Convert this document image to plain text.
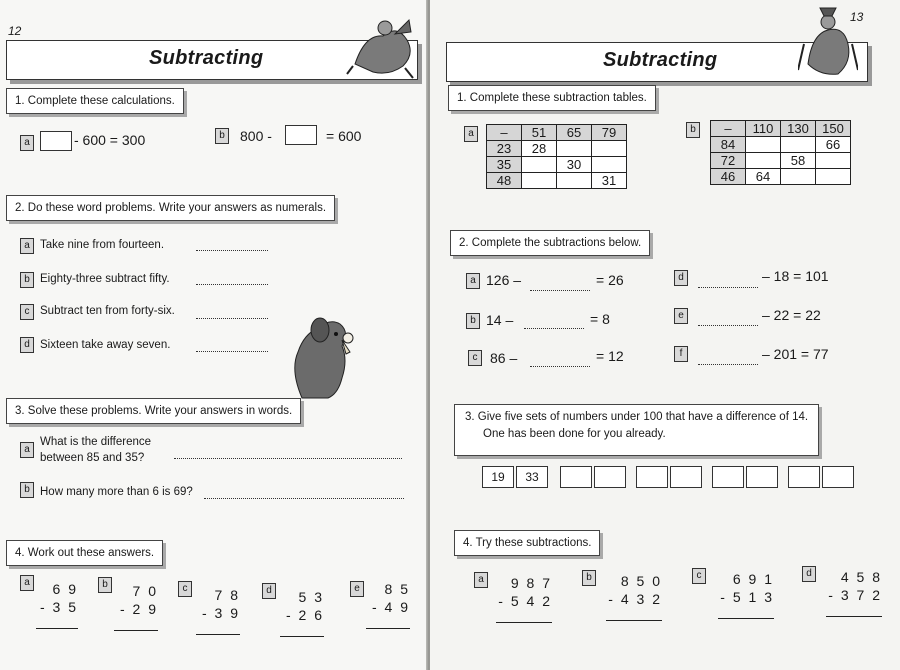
12
Subtracting
1. Complete these calculations.
a	- 600 = 300	b	800 -	= 600
2. Do these word problems. Write your answers as numerals.
a Take nine from fourteen.
b Eighty-three subtract fifty.
c Subtract ten from forty-six.
d Sixteen take away seven.
3. Solve these problems. Write your answers in words.
a
What is the difference
between 85 and 35?
b How many more than 6 is 69?
4. Work out these answers.
a	6 9
- 3 5
b	7 0
- 2 9
c	7 8
- 3 9
d	5 3
- 2 6
e	8 5
- 4 9
13
Subtracting
1. Complete these subtraction tables.
a	–	51	65	79
23	28		
35		30	
48			31
b	–	110	130	150
84			66
72		58	
46	64		
2. Complete the subtractions below.
a 126 –	= 26
b 14 –	= 8
c 86 –	= 12
d	– 18 = 101
e	– 22 = 22
f	– 201 = 77
3. Give five sets of numbers under 100 that have a difference of 14.
One has been done for you already.
19	33
4. Try these subtractions.
a	9 8 7
- 5 4 2
b	8 5 0
- 4 3 2
c	6 9 1
- 5 1 3
d	4 5 8
- 3 7 2
